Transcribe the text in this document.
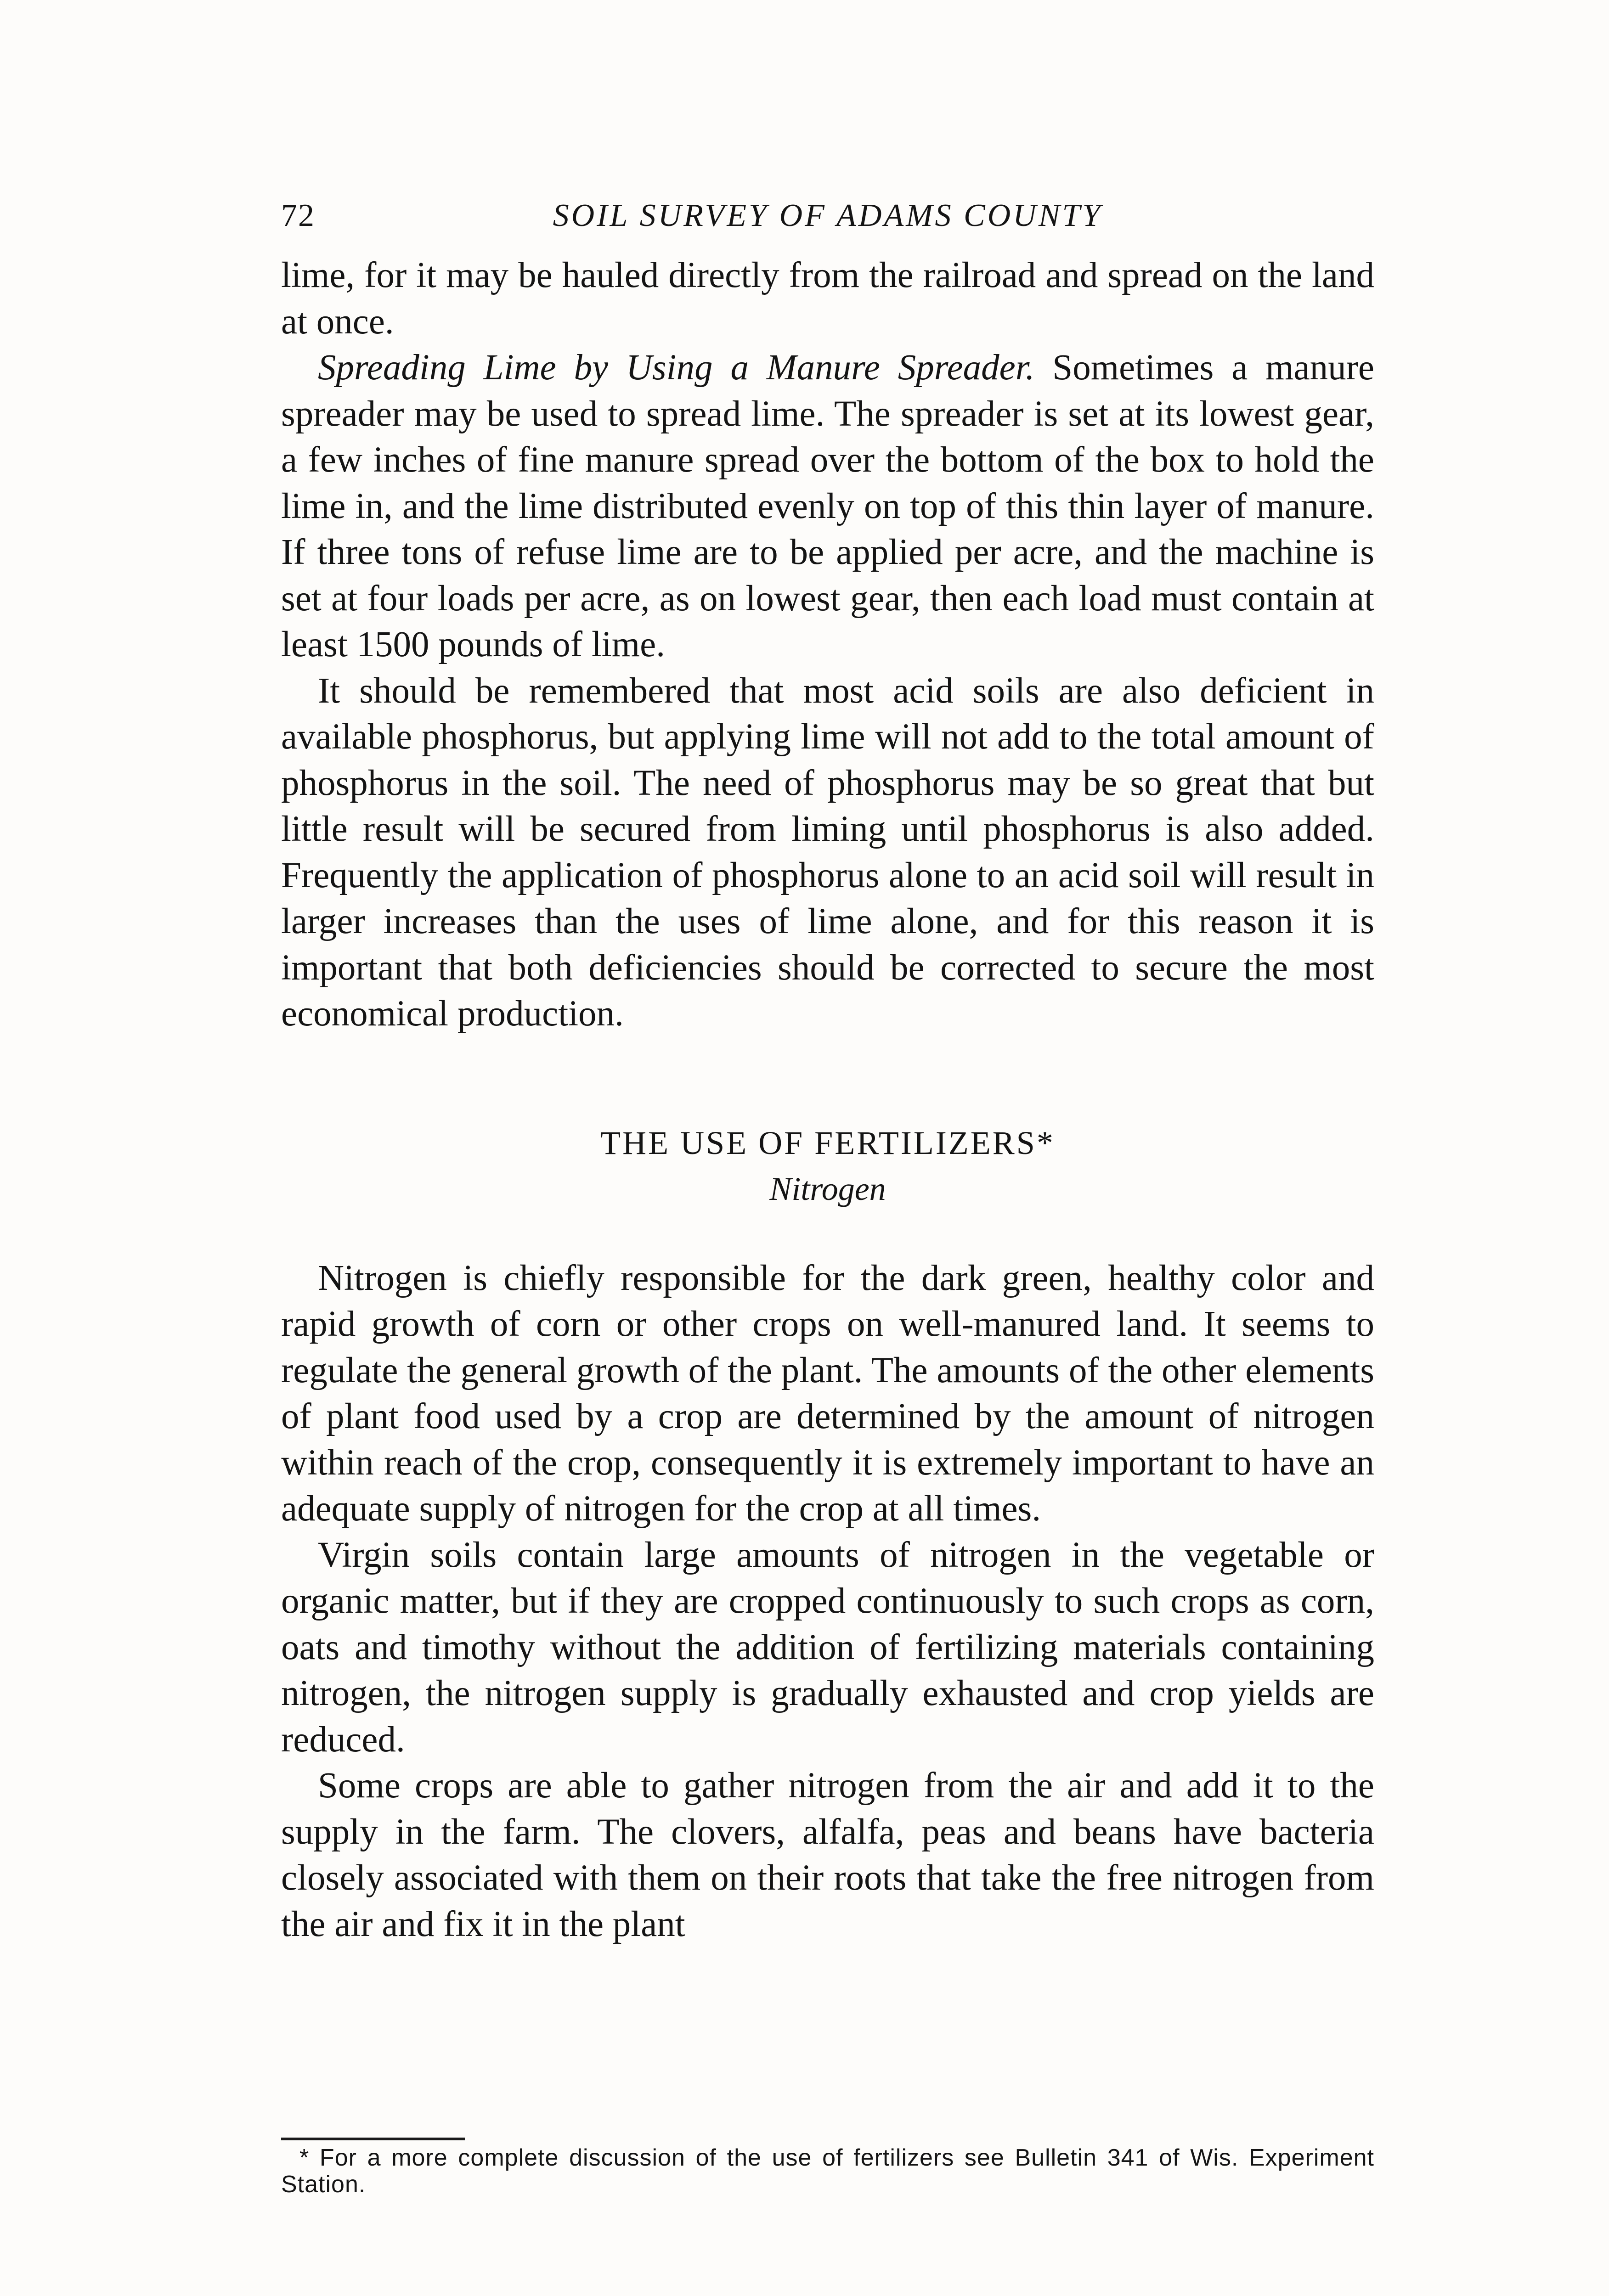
72	SOIL SURVEY OF ADAMS COUNTY

lime, for it may be hauled directly from the railroad and spread on the land at once.

Spreading Lime by Using a Manure Spreader. Sometimes a manure spreader may be used to spread lime. The spreader is set at its lowest gear, a few inches of fine manure spread over the bottom of the box to hold the lime in, and the lime distributed evenly on top of this thin layer of manure. If three tons of refuse lime are to be applied per acre, and the machine is set at four loads per acre, as on lowest gear, then each load must contain at least 1500 pounds of lime.

It should be remembered that most acid soils are also deficient in available phosphorus, but applying lime will not add to the total amount of phosphorus in the soil. The need of phosphorus may be so great that but little result will be secured from liming until phosphorus is also added. Frequently the application of phosphorus alone to an acid soil will result in larger increases than the uses of lime alone, and for this reason it is important that both deficiencies should be corrected to secure the most economical production.

THE USE OF FERTILIZERS*
Nitrogen

Nitrogen is chiefly responsible for the dark green, healthy color and rapid growth of corn or other crops on well-manured land. It seems to regulate the general growth of the plant. The amounts of the other elements of plant food used by a crop are determined by the amount of nitrogen within reach of the crop, consequently it is extremely important to have an adequate supply of nitrogen for the crop at all times.

Virgin soils contain large amounts of nitrogen in the vegetable or organic matter, but if they are cropped continuously to such crops as corn, oats and timothy without the addition of fertilizing materials containing nitrogen, the nitrogen supply is gradually exhausted and crop yields are reduced.

Some crops are able to gather nitrogen from the air and add it to the supply in the farm. The clovers, alfalfa, peas and beans have bacteria closely associated with them on their roots that take the free nitrogen from the air and fix it in the plant

* For a more complete discussion of the use of fertilizers see Bulletin 341 of Wis. Experiment Station.
